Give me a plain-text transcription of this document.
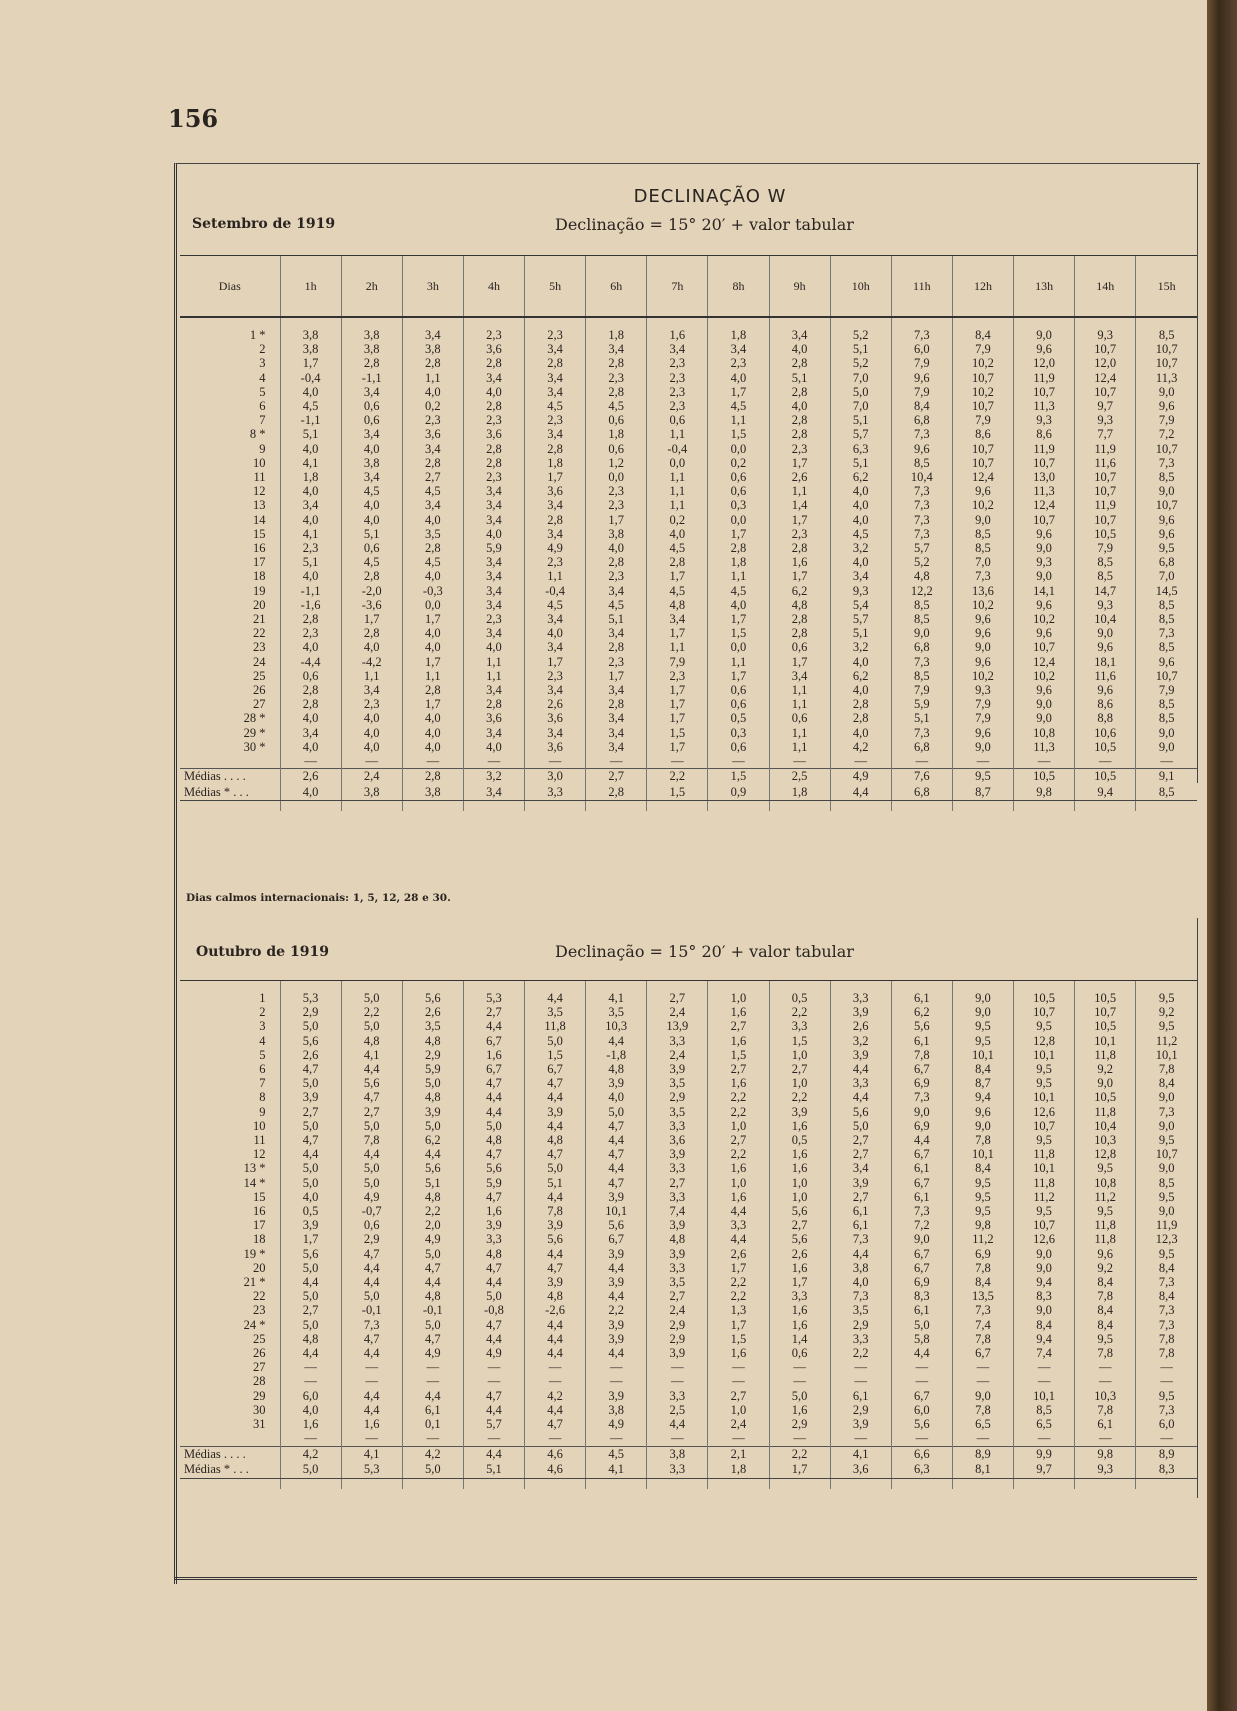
156
DECLINAÇÃO W
Setembro de 1919	Declinação = 15° 20′ + valor tabular
Dias	1h	2h	3h	4h	5h	6h	7h	8h	9h	10h	11h	12h	13h	14h	15h

1 *	3,8	3,8	3,4	2,3	2,3	1,8	1,6	1,8	3,4	5,2	7,3	8,4	9,0	9,3	8,5
2	3,8	3,8	3,8	3,6	3,4	3,4	3,4	3,4	4,0	5,1	6,0	7,9	9,6	10,7	10,7
3	1,7	2,8	2,8	2,8	2,8	2,8	2,3	2,3	2,8	5,2	7,9	10,2	12,0	12,0	10,7
4	-0,4	-1,1	1,1	3,4	3,4	2,3	2,3	4,0	5,1	7,0	9,6	10,7	11,9	12,4	11,3
5	4,0	3,4	4,0	4,0	3,4	2,8	2,3	1,7	2,8	5,0	7,9	10,2	10,7	10,7	9,0
6	4,5	0,6	0,2	2,8	4,5	4,5	2,3	4,5	4,0	7,0	8,4	10,7	11,3	9,7	9,6
7	-1,1	0,6	2,3	2,3	2,3	0,6	0,6	1,1	2,8	5,1	6,8	7,9	9,3	9,3	7,9
8 *	5,1	3,4	3,6	3,6	3,4	1,8	1,1	1,5	2,8	5,7	7,3	8,6	8,6	7,7	7,2
9	4,0	4,0	3,4	2,8	2,8	0,6	-0,4	0,0	2,3	6,3	9,6	10,7	11,9	11,9	10,7
10	4,1	3,8	2,8	2,8	1,8	1,2	0,0	0,2	1,7	5,1	8,5	10,7	10,7	11,6	7,3
11	1,8	3,4	2,7	2,3	1,7	0,0	1,1	0,6	2,6	6,2	10,4	12,4	13,0	10,7	8,5
12	4,0	4,5	4,5	3,4	3,6	2,3	1,1	0,6	1,1	4,0	7,3	9,6	11,3	10,7	9,0
13	3,4	4,0	3,4	3,4	3,4	2,3	1,1	0,3	1,4	4,0	7,3	10,2	12,4	11,9	10,7
14	4,0	4,0	4,0	3,4	2,8	1,7	0,2	0,0	1,7	4,0	7,3	9,0	10,7	10,7	9,6
15	4,1	5,1	3,5	4,0	3,4	3,8	4,0	1,7	2,3	4,5	7,3	8,5	9,6	10,5	9,6
16	2,3	0,6	2,8	5,9	4,9	4,0	4,5	2,8	2,8	3,2	5,7	8,5	9,0	7,9	9,5
17	5,1	4,5	4,5	3,4	2,3	2,8	2,8	1,8	1,6	4,0	5,2	7,0	9,3	8,5	6,8
18	4,0	2,8	4,0	3,4	1,1	2,3	1,7	1,1	1,7	3,4	4,8	7,3	9,0	8,5	7,0
19	-1,1	-2,0	-0,3	3,4	-0,4	3,4	4,5	4,5	6,2	9,3	12,2	13,6	14,1	14,7	14,5
20	-1,6	-3,6	0,0	3,4	4,5	4,5	4,8	4,0	4,8	5,4	8,5	10,2	9,6	9,3	8,5
21	2,8	1,7	1,7	2,3	3,4	5,1	3,4	1,7	2,8	5,7	8,5	9,6	10,2	10,4	8,5
22	2,3	2,8	4,0	3,4	4,0	3,4	1,7	1,5	2,8	5,1	9,0	9,6	9,6	9,0	7,3
23	4,0	4,0	4,0	4,0	3,4	2,8	1,1	0,0	0,6	3,2	6,8	9,0	10,7	9,6	8,5
24	-4,4	-4,2	1,7	1,1	1,7	2,3	7,9	1,1	1,7	4,0	7,3	9,6	12,4	18,1	9,6
25	0,6	1,1	1,1	1,1	2,3	1,7	2,3	1,7	3,4	6,2	8,5	10,2	10,2	11,6	10,7
26	2,8	3,4	2,8	3,4	3,4	3,4	1,7	0,6	1,1	4,0	7,9	9,3	9,6	9,6	7,9
27	2,8	2,3	1,7	2,8	2,6	2,8	1,7	0,6	1,1	2,8	5,9	7,9	9,0	8,6	8,5
28 *	4,0	4,0	4,0	3,6	3,6	3,4	1,7	0,5	0,6	2,8	5,1	7,9	9,0	8,8	8,5
29 *	3,4	4,0	4,0	3,4	3,4	3,4	1,5	0,3	1,1	4,0	7,3	9,6	10,8	10,6	9,0
30 *	4,0	4,0	4,0	4,0	3,6	3,4	1,7	0,6	1,1	4,2	6,8	9,0	11,3	10,5	9,0
	—	—	—	—	—	—	—	—	—	—	—	—	—	—	—
Médias . . . .	2,6	2,4	2,8	3,2	3,0	2,7	2,2	1,5	2,5	4,9	7,6	9,5	10,5	10,5	9,1
Médias * . . .	4,0	3,8	3,8	3,4	3,3	2,8	1,5	0,9	1,8	4,4	6,8	8,7	9,8	9,4	8,5

Dias calmos internacionais: 1, 5, 12, 28 e 30.
Outubro de 1919	Declinação = 15° 20′ + valor tabular

1	5,3	5,0	5,6	5,3	4,4	4,1	2,7	1,0	0,5	3,3	6,1	9,0	10,5	10,5	9,5
2	2,9	2,2	2,6	2,7	3,5	3,5	2,4	1,6	2,2	3,9	6,2	9,0	10,7	10,7	9,2
3	5,0	5,0	3,5	4,4	11,8	10,3	13,9	2,7	3,3	2,6	5,6	9,5	9,5	10,5	9,5
4	5,6	4,8	4,8	6,7	5,0	4,4	3,3	1,6	1,5	3,2	6,1	9,5	12,8	10,1	11,2
5	2,6	4,1	2,9	1,6	1,5	-1,8	2,4	1,5	1,0	3,9	7,8	10,1	10,1	11,8	10,1
6	4,7	4,4	5,9	6,7	6,7	4,8	3,9	2,7	2,7	4,4	6,7	8,4	9,5	9,2	7,8
7	5,0	5,6	5,0	4,7	4,7	3,9	3,5	1,6	1,0	3,3	6,9	8,7	9,5	9,0	8,4
8	3,9	4,7	4,8	4,4	4,4	4,0	2,9	2,2	2,2	4,4	7,3	9,4	10,1	10,5	9,0
9	2,7	2,7	3,9	4,4	3,9	5,0	3,5	2,2	3,9	5,6	9,0	9,6	12,6	11,8	7,3
10	5,0	5,0	5,0	5,0	4,4	4,7	3,3	1,0	1,6	5,0	6,9	9,0	10,7	10,4	9,0
11	4,7	7,8	6,2	4,8	4,8	4,4	3,6	2,7	0,5	2,7	4,4	7,8	9,5	10,3	9,5
12	4,4	4,4	4,4	4,7	4,7	4,7	3,9	2,2	1,6	2,7	6,7	10,1	11,8	12,8	10,7
13 *	5,0	5,0	5,6	5,6	5,0	4,4	3,3	1,6	1,6	3,4	6,1	8,4	10,1	9,5	9,0
14 *	5,0	5,0	5,1	5,9	5,1	4,7	2,7	1,0	1,0	3,9	6,7	9,5	11,8	10,8	8,5
15	4,0	4,9	4,8	4,7	4,4	3,9	3,3	1,6	1,0	2,7	6,1	9,5	11,2	11,2	9,5
16	0,5	-0,7	2,2	1,6	7,8	10,1	7,4	4,4	5,6	6,1	7,3	9,5	9,5	9,5	9,0
17	3,9	0,6	2,0	3,9	3,9	5,6	3,9	3,3	2,7	6,1	7,2	9,8	10,7	11,8	11,9
18	1,7	2,9	4,9	3,3	5,6	6,7	4,8	4,4	5,6	7,3	9,0	11,2	12,6	11,8	12,3
19 *	5,6	4,7	5,0	4,8	4,4	3,9	3,9	2,6	2,6	4,4	6,7	6,9	9,0	9,6	9,5
20	5,0	4,4	4,7	4,7	4,7	4,4	3,3	1,7	1,6	3,8	6,7	7,8	9,0	9,2	8,4
21 *	4,4	4,4	4,4	4,4	3,9	3,9	3,5	2,2	1,7	4,0	6,9	8,4	9,4	8,4	7,3
22	5,0	5,0	4,8	5,0	4,8	4,4	2,7	2,2	3,3	7,3	8,3	13,5	8,3	7,8	8,4
23	2,7	-0,1	-0,1	-0,8	-2,6	2,2	2,4	1,3	1,6	3,5	6,1	7,3	9,0	8,4	7,3
24 *	5,0	7,3	5,0	4,7	4,4	3,9	2,9	1,7	1,6	2,9	5,0	7,4	8,4	8,4	7,3
25	4,8	4,7	4,7	4,4	4,4	3,9	2,9	1,5	1,4	3,3	5,8	7,8	9,4	9,5	7,8
26	4,4	4,4	4,9	4,9	4,4	4,4	3,9	1,6	0,6	2,2	4,4	6,7	7,4	7,8	7,8
27	—	—	—	—	—	—	—	—	—	—	—	—	—	—	—
28	—	—	—	—	—	—	—	—	—	—	—	—	—	—	—
29	6,0	4,4	4,4	4,7	4,2	3,9	3,3	2,7	5,0	6,1	6,7	9,0	10,1	10,3	9,5
30	4,0	4,4	6,1	4,4	4,4	3,8	2,5	1,0	1,6	2,9	6,0	7,8	8,5	7,8	7,3
31	1,6	1,6	0,1	5,7	4,7	4,9	4,4	2,4	2,9	3,9	5,6	6,5	6,5	6,1	6,0
	—	—	—	—	—	—	—	—	—	—	—	—	—	—	—
Médias . . . .	4,2	4,1	4,2	4,4	4,6	4,5	3,8	2,1	2,2	4,1	6,6	8,9	9,9	9,8	8,9
Médias * . . .	5,0	5,3	5,0	5,1	4,6	4,1	3,3	1,8	1,7	3,6	6,3	8,1	9,7	9,3	8,3
